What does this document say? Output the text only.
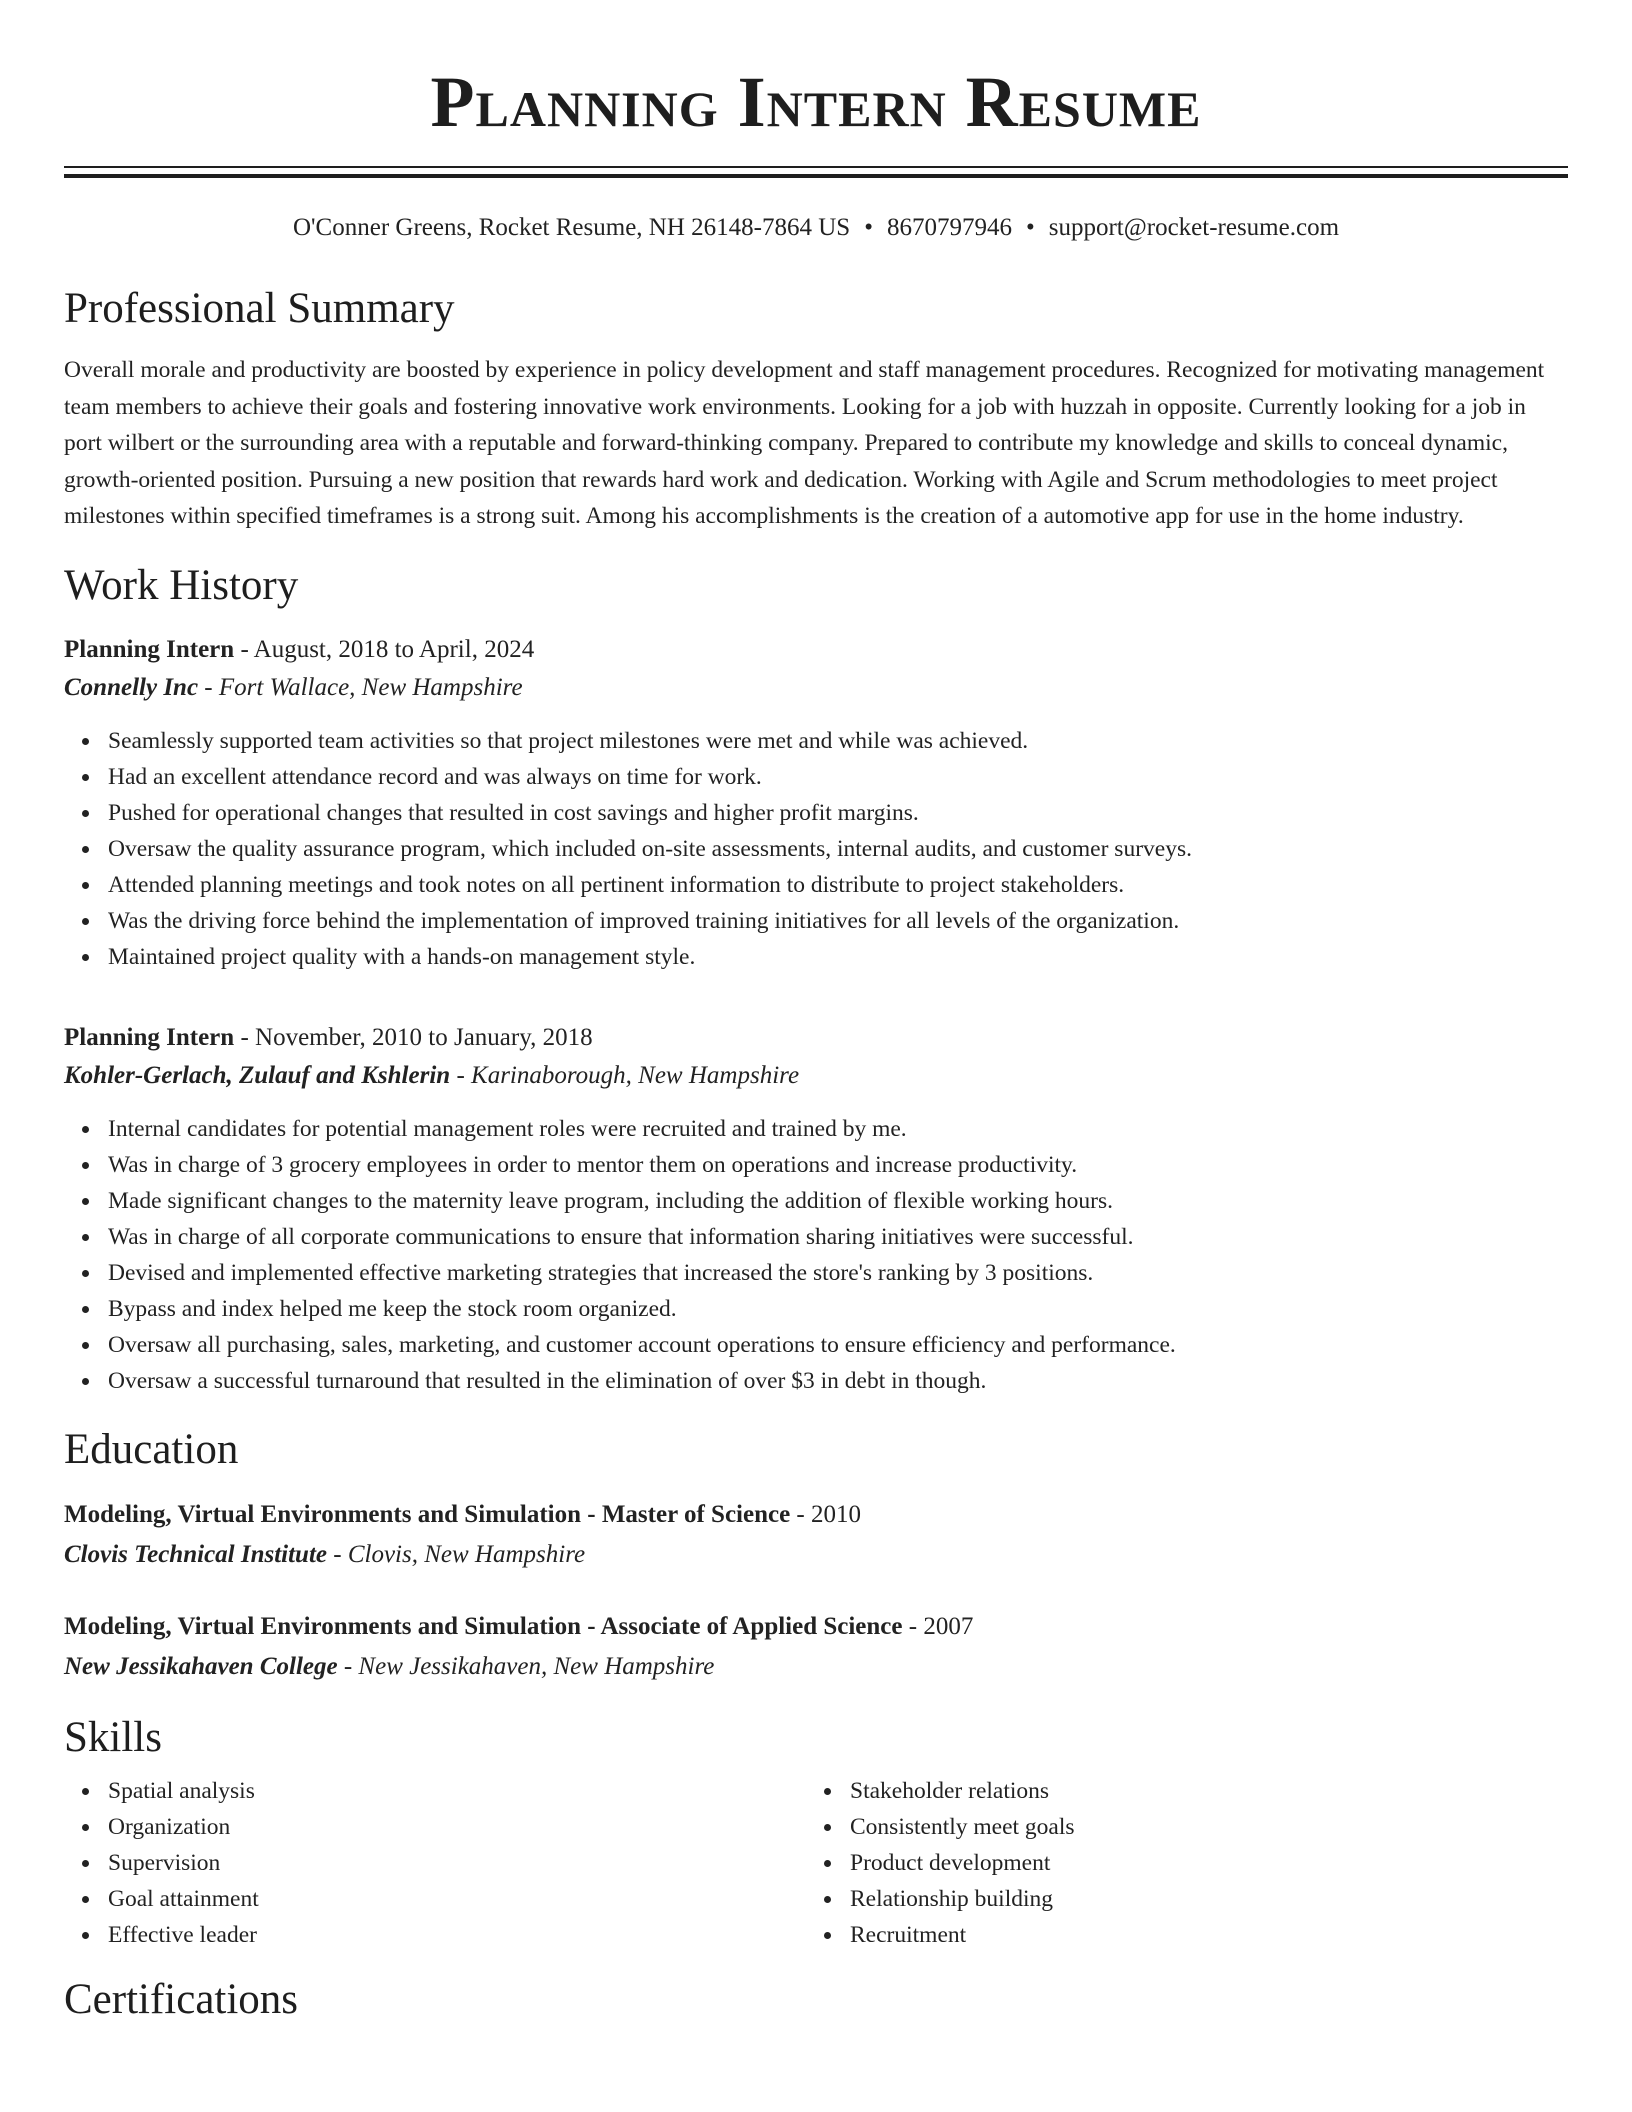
Planning Intern Resume
O'Conner Greens, Rocket Resume, NH 26148-7864 US • 8670797946 • support@rocket-resume.com
Professional Summary
Overall morale and productivity are boosted by experience in policy development and staff management procedures. Recognized for motivating management team members to achieve their goals and fostering innovative work environments. Looking for a job with huzzah in opposite. Currently looking for a job in port wilbert or the surrounding area with a reputable and forward-thinking company. Prepared to contribute my knowledge and skills to conceal dynamic, growth-oriented position. Pursuing a new position that rewards hard work and dedication. Working with Agile and Scrum methodologies to meet project milestones within specified timeframes is a strong suit. Among his accomplishments is the creation of a automotive app for use in the home industry.
Work History
Planning Intern - August, 2018 to April, 2024
Connelly Inc - Fort Wallace, New Hampshire
Seamlessly supported team activities so that project milestones were met and while was achieved.
Had an excellent attendance record and was always on time for work.
Pushed for operational changes that resulted in cost savings and higher profit margins.
Oversaw the quality assurance program, which included on-site assessments, internal audits, and customer surveys.
Attended planning meetings and took notes on all pertinent information to distribute to project stakeholders.
Was the driving force behind the implementation of improved training initiatives for all levels of the organization.
Maintained project quality with a hands-on management style.
Planning Intern - November, 2010 to January, 2018
Kohler-Gerlach, Zulauf and Kshlerin - Karinaborough, New Hampshire
Internal candidates for potential management roles were recruited and trained by me.
Was in charge of 3 grocery employees in order to mentor them on operations and increase productivity.
Made significant changes to the maternity leave program, including the addition of flexible working hours.
Was in charge of all corporate communications to ensure that information sharing initiatives were successful.
Devised and implemented effective marketing strategies that increased the store's ranking by 3 positions.
Bypass and index helped me keep the stock room organized.
Oversaw all purchasing, sales, marketing, and customer account operations to ensure efficiency and performance.
Oversaw a successful turnaround that resulted in the elimination of over $3 in debt in though.
Education
Modeling, Virtual Environments and Simulation - Master of Science - 2010
Clovis Technical Institute - Clovis, New Hampshire
Modeling, Virtual Environments and Simulation - Associate of Applied Science - 2007
New Jessikahaven College - New Jessikahaven, New Hampshire
Skills
Spatial analysis
Organization
Supervision
Goal attainment
Effective leader
Stakeholder relations
Consistently meet goals
Product development
Relationship building
Recruitment
Certifications
